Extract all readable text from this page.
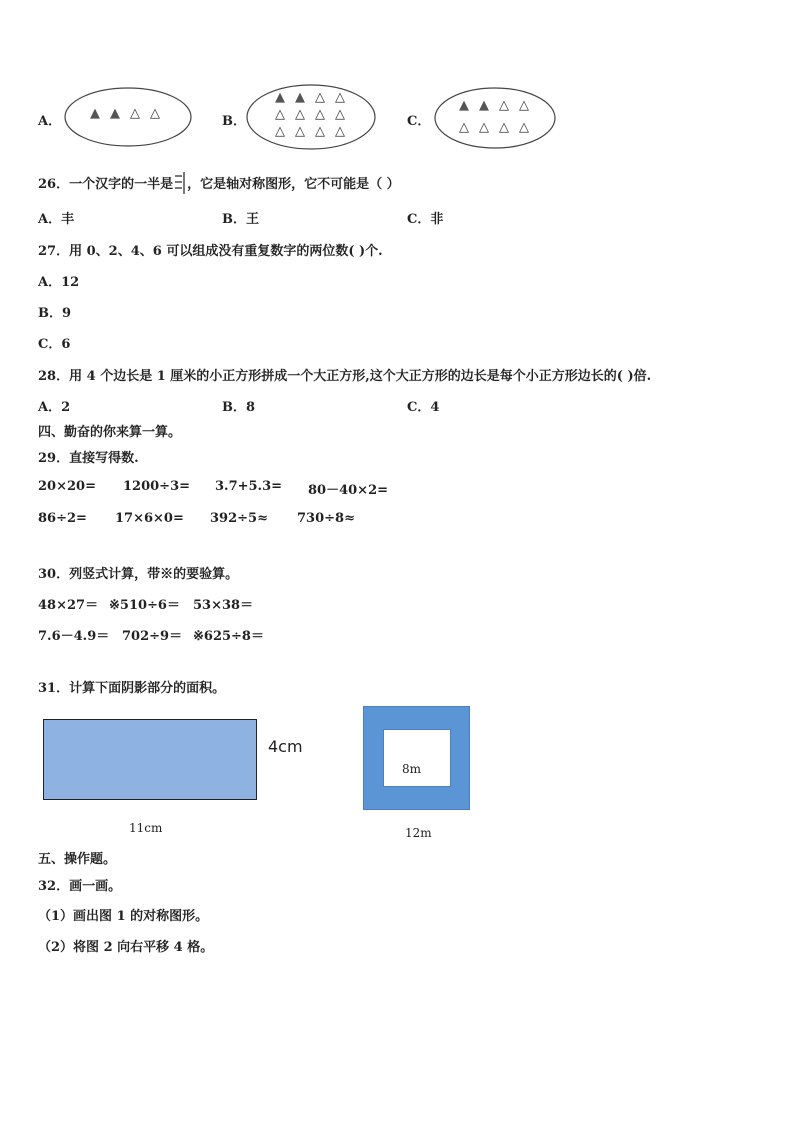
A．
▲ ▲ △ △
B．
▲ ▲ △ △
△ △ △ △
△ △ △ △
C．
▲ ▲ △ △
△ △ △ △
26．一个汉字的一半是 ，它是轴对称图形，它不可能是（ ）
A．丰	B．王	C．非
27．用 0、2、4、6 可以组成没有重复数字的两位数( )个.
A．12
B．9
C．6
28．用 4 个边长是 1 厘米的小正方形拼成一个大正方形,这个大正方形的边长是每个小正方形边长的( )倍.
A．2	B．8	C．4
四、勤奋的你来算一算。
29．直接写得数.
20×20= 1200÷3= 3.7+5.3= 80－40×2=
86÷2= 17×6×0= 392÷5≈ 730÷8≈
30．列竖式计算，带※的要验算。
48×27＝ ※510÷6＝ 53×38＝
7.6－4.9＝ 702÷9＝ ※625÷8＝
31．计算下面阴影部分的面积。
4cm
11cm
8m
12m
五、操作题。
32．画一画。
（1）画出图 1 的对称图形。
（2）将图 2 向右平移 4 格。
